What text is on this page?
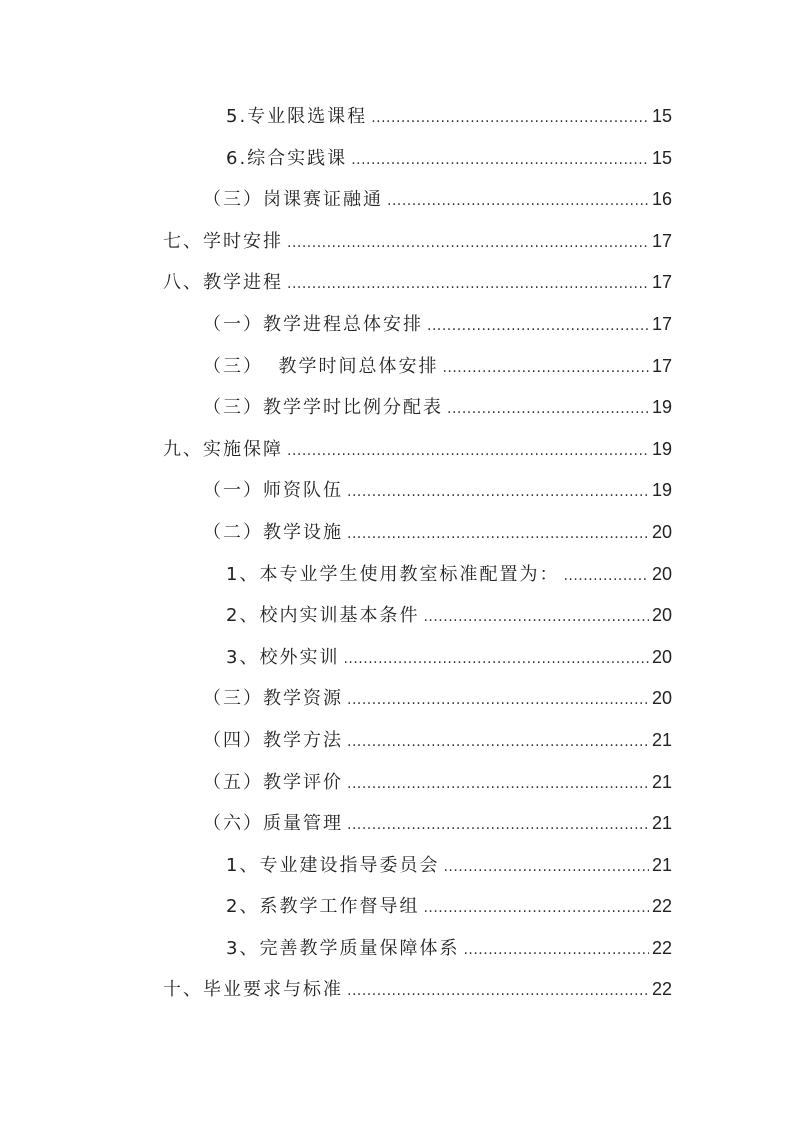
5.专业限选课程 .....	15
6.综合实践课 .....	15
（三）岗课赛证融通 .....	16
七、学时安排 .....	17
八、教学进程 .....	17
（一）教学进程总体安排 .....	17
（三）  教学时间总体安排 .....	17
（三）教学学时比例分配表 .....	19
九、实施保障 .....	19
（一）师资队伍 .....	19
（二）教学设施 .....	20
1、本专业学生使用教室标准配置为： .....	20
2、校内实训基本条件 .....	20
3、校外实训 .....	20
（三）教学资源 .....	20
（四）教学方法 .....	21
（五）教学评价 .....	21
（六）质量管理 .....	21
1、专业建设指导委员会 .....	21
2、系教学工作督导组 .....	22
3、完善教学质量保障体系 .....	22
十、毕业要求与标准 .....	22
